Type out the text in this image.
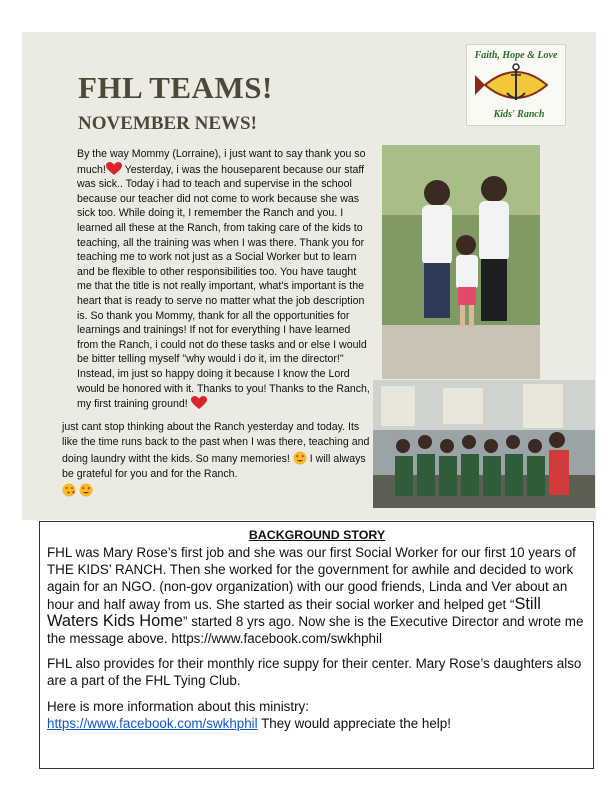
FHL TEAMS!
NOVEMBER NEWS!
Faith, Hope & Love
Kids' Ranch

By the way Mommy (Lorraine), i just want to say thank you so much! Yesterday, i was the houseparent because our staff was sick.. Today i had to teach and supervise in the school because our teacher did not come to work because she was sick too. While doing it, I remember the Ranch and you. I learned all these at the Ranch, from taking care of the kids to teaching, all the training was when I was there. Thank you for teaching me to work not just as a Social Worker but to learn and be flexible to other responsibilities too. You have taught me that the title is not really important, what's important is the heart that is ready to serve no matter what the job description is. So thank you Mommy, thank for all the opportunities for learnings and trainings! If not for everything I have learned from the Ranch, i could not do these tasks and or else I would be bitter telling myself "why would i do it, im the director!" Instead, im just so happy doing it because I know the Lord would be honored with it. Thanks to you! Thanks to the Ranch, my first training ground!

just cant stop thinking about the Ranch yesterday and today. Its like the time runs back to the past when I was there, teaching and doing laundry witht the kids. So many memories!  I will always be grateful for you and for the Ranch.

BACKGROUND STORY

FHL was Mary Rose’s first job and she was our first Social Worker for our first 10 years of THE KIDS’ RANCH. Then she worked for the government for awhile and decided to work again for an NGO. (non-gov organization) with our good friends, Linda and Ver about an hour and half away from us. She started as their social worker and helped get “Still Waters Kids Home” started 8 yrs ago. Now she is the Executive Director and wrote me the message above. https://www.facebook.com/swkhphil

FHL also provides for their monthly rice suppy for their center. Mary Rose’s daughters also are a part of the FHL Tying Club.

Here is more information about this ministry:
https://www.facebook.com/swkhphil They would appreciate the help!
